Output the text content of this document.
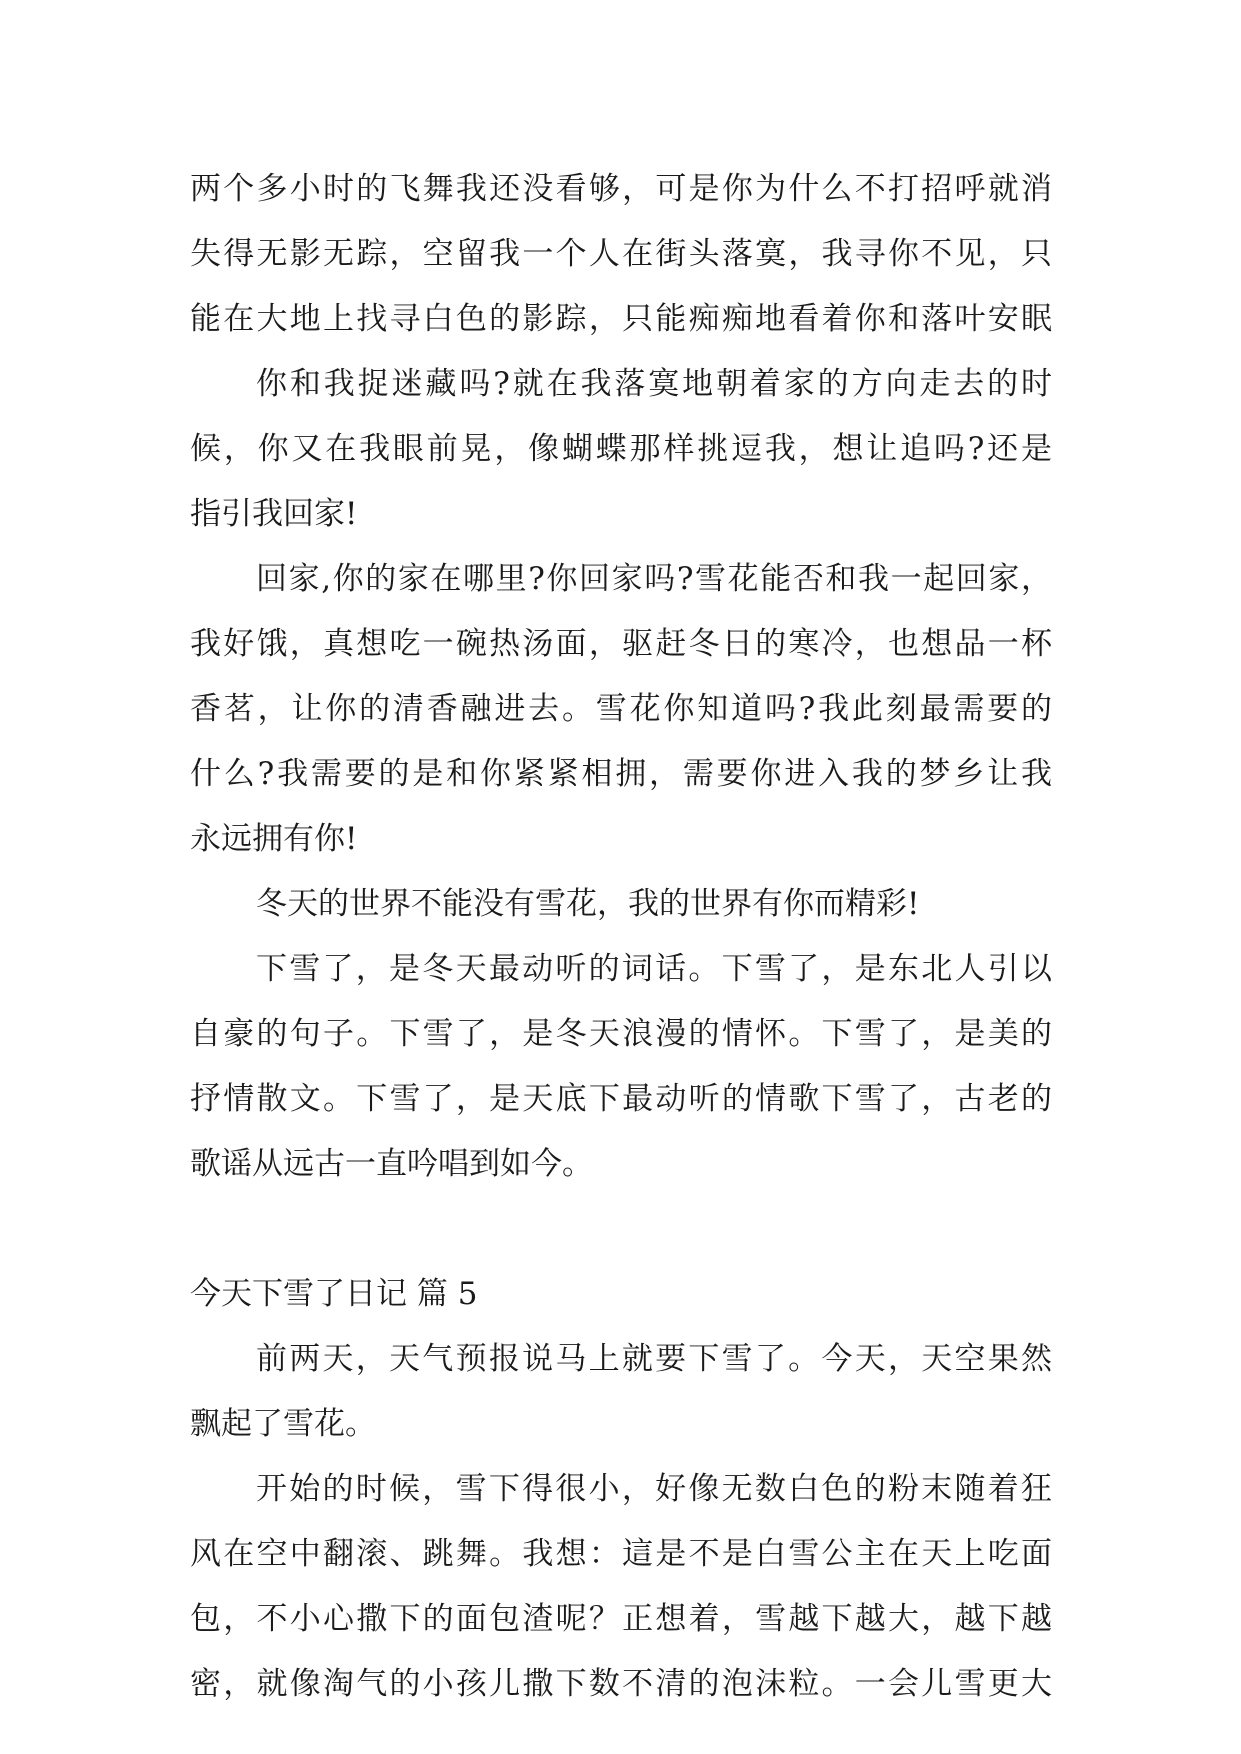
两个多小时的飞舞我还没看够，可是你为什么不打招呼就消
失得无影无踪，空留我一个人在街头落寞，我寻你不见，只
能在大地上找寻白色的影踪，只能痴痴地看着你和落叶安眠
你和我捉迷藏吗?就在我落寞地朝着家的方向走去的时
候，你又在我眼前晃，像蝴蝶那样挑逗我，想让追吗?还是
指引我回家!
回家,你的家在哪里?你回家吗?雪花能否和我一起回家，
我好饿，真想吃一碗热汤面，驱赶冬日的寒冷，也想品一杯
香茗，让你的清香融进去。雪花你知道吗?我此刻最需要的
什么?我需要的是和你紧紧相拥，需要你进入我的梦乡让我
永远拥有你!
冬天的世界不能没有雪花，我的世界有你而精彩!
下雪了，是冬天最动听的词话。下雪了，是东北人引以
自豪的句子。下雪了，是冬天浪漫的情怀。下雪了，是美的
抒情散文。下雪了，是天底下最动听的情歌下雪了，古老的
歌谣从远古一直吟唱到如今。
今天下雪了日记 篇 5
前两天，天气预报说马上就要下雪了。今天，天空果然
飘起了雪花。
开始的时候，雪下得很小，好像无数白色的粉末随着狂
风在空中翻滚、跳舞。我想：這是不是白雪公主在天上吃面
包，不小心撒下的面包渣呢？正想着，雪越下越大，越下越
密，就像淘气的小孩儿撒下数不清的泡沫粒。一会儿雪更大
